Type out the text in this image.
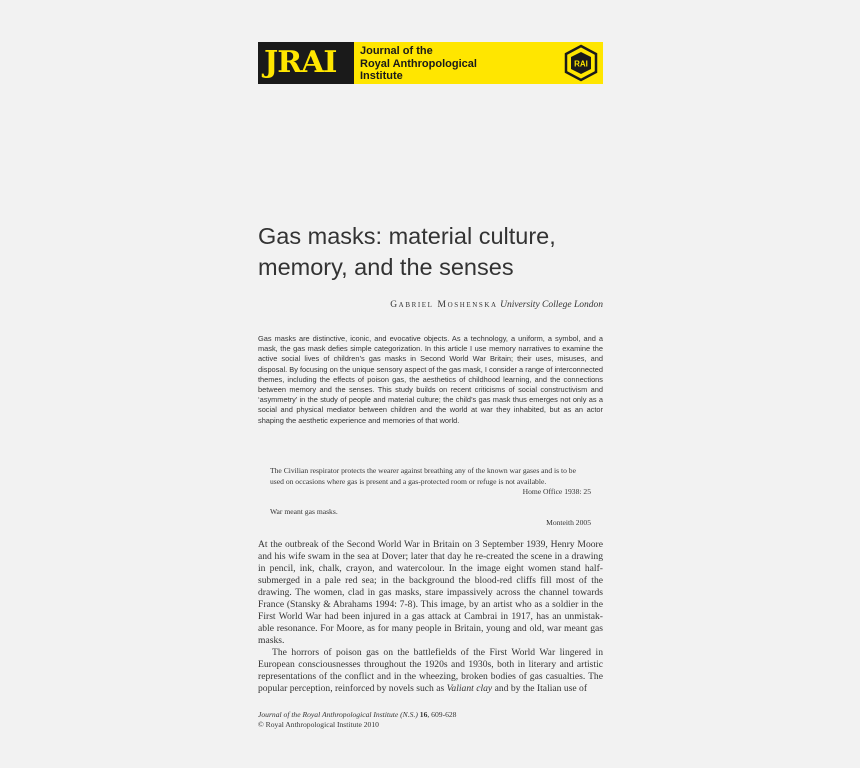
JRAI Journal of the
Royal Anthropological
Institute
RAI
Gas masks: material culture, memory, and the senses
Gabriel Moshenska University College London
Gas masks are distinctive, iconic, and evocative objects. As a technology, a uniform, a symbol, and a mask, the gas mask defies simple categorization. In this article I use memory narratives to examine the active social lives of children’s gas masks in Second World War Britain; their uses, misuses, and disposal. By focusing on the unique sensory aspect of the gas mask, I consider a range of interconnected themes, including the effects of poison gas, the aesthetics of childhood learning, and the connections between memory and the senses. This study builds on recent criticisms of social constructivism and ‘asymmetry’ in the study of people and material culture; the child’s gas mask thus emerges not only as a social and physical mediator between children and the world at war they inhabited, but as an actor shaping the aesthetic experience and memories of that world.
The Civilian respirator protects the wearer against breathing any of the known war gases and is to be used on occasions where gas is present and a gas-protected room or refuge is not available.
Home Office 1938: 25
War meant gas masks.
Monteith 2005

At the outbreak of the Second World War in Britain on 3 September 1939, Henry Moore and his wife swam in the sea at Dover; later that day he re-created the scene in a drawing in pencil, ink, chalk, crayon, and watercolour. In the image eight women stand half-submerged in a pale red sea; in the background the blood-red cliffs fill most of the drawing. The women, clad in gas masks, stare impassively across the channel towards France (Stansky & Abrahams 1994: 7-8). This image, by an artist who as a soldier in the First World War had been injured in a gas attack at Cambrai in 1917, has an unmistak-able resonance. For Moore, as for many people in Britain, young and old, war meant gas masks.

The horrors of poison gas on the battlefields of the First World War lingered in European consciousnesses throughout the 1920s and 1930s, both in literary and artistic representations of the conflict and in the wheezing, broken bodies of gas casualties. The popular perception, reinforced by novels such as Valiant clay and by the Italian use of

Journal of the Royal Anthropological Institute (N.S.) 16, 609-628
© Royal Anthropological Institute 2010
